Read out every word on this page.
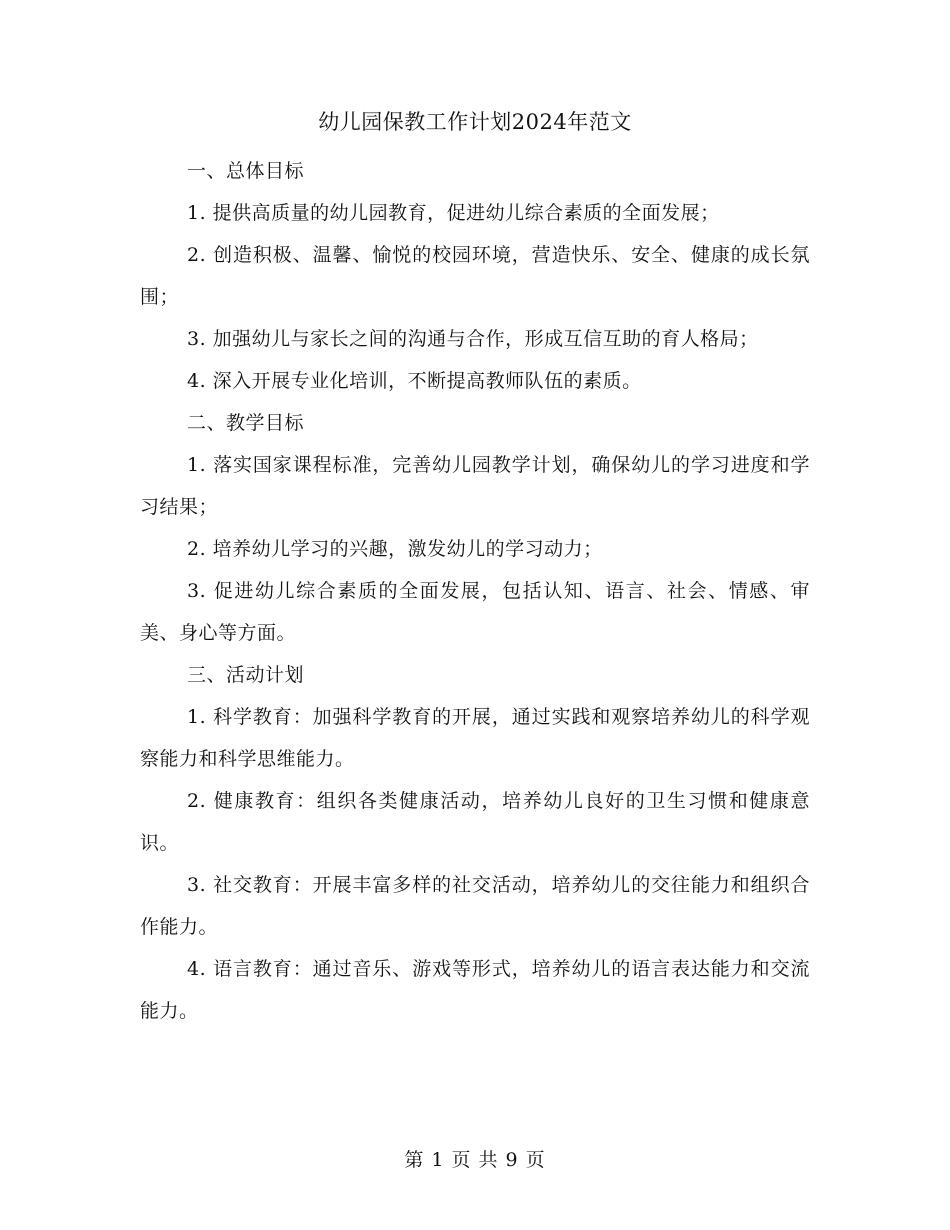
幼儿园保教工作计划2024年范文

一、总体目标

1. 提供高质量的幼儿园教育，促进幼儿综合素质的全面发展；

2. 创造积极、温馨、愉悦的校园环境，营造快乐、安全、健康的成长氛围；

3. 加强幼儿与家长之间的沟通与合作，形成互信互助的育人格局；

4. 深入开展专业化培训，不断提高教师队伍的素质。

二、教学目标

1. 落实国家课程标准，完善幼儿园教学计划，确保幼儿的学习进度和学习结果；

2. 培养幼儿学习的兴趣，激发幼儿的学习动力；

3. 促进幼儿综合素质的全面发展，包括认知、语言、社会、情感、审美、身心等方面。

三、活动计划

1. 科学教育：加强科学教育的开展，通过实践和观察培养幼儿的科学观察能力和科学思维能力。

2. 健康教育：组织各类健康活动，培养幼儿良好的卫生习惯和健康意识。

3. 社交教育：开展丰富多样的社交活动，培养幼儿的交往能力和组织合作能力。

4. 语言教育：通过音乐、游戏等形式，培养幼儿的语言表达能力和交流能力。

第 1 页 共 9 页
